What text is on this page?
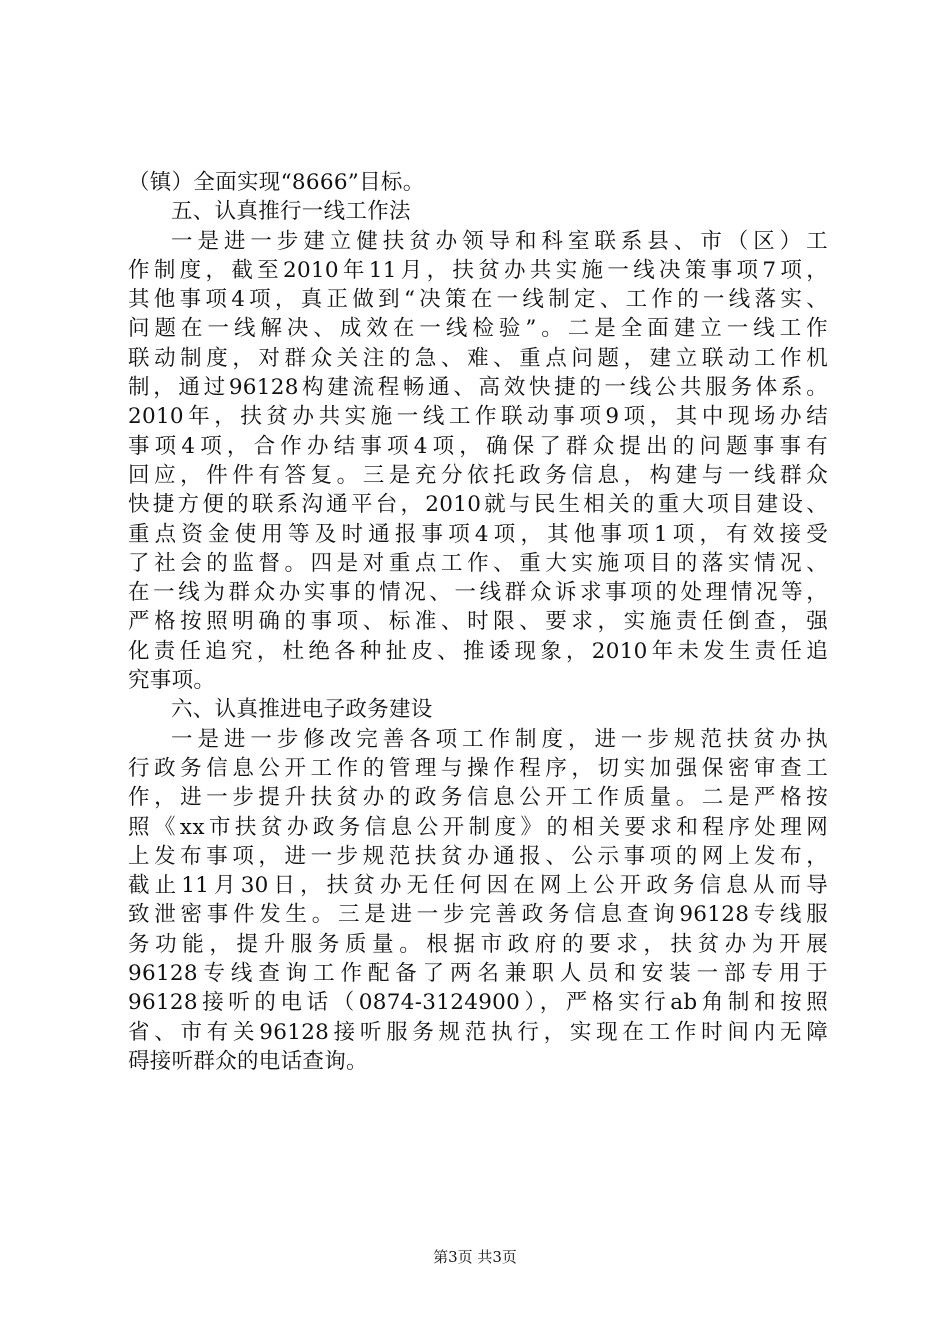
（镇）全面实现“8666”目标。
五、认真推行一线工作法
一是进一步建立健扶贫办领导和科室联系县、市（区）工
作制度，截至2010年11月，扶贫办共实施一线决策事项7项，
其他事项4项，真正做到“决策在一线制定、工作的一线落实、
问题在一线解决、成效在一线检验”。二是全面建立一线工作
联动制度，对群众关注的急、难、重点问题，建立联动工作机
制，通过96128构建流程畅通、高效快捷的一线公共服务体系。
2010年，扶贫办共实施一线工作联动事项9项，其中现场办结
事项4项，合作办结事项4项，确保了群众提出的问题事事有
回应，件件有答复。三是充分依托政务信息，构建与一线群众
快捷方便的联系沟通平台，2010就与民生相关的重大项目建设、
重点资金使用等及时通报事项4项，其他事项1项，有效接受
了社会的监督。四是对重点工作、重大实施项目的落实情况、
在一线为群众办实事的情况、一线群众诉求事项的处理情况等，
严格按照明确的事项、标准、时限、要求，实施责任倒查，强
化责任追究，杜绝各种扯皮、推诿现象，2010年未发生责任追
究事项。
六、认真推进电子政务建设
一是进一步修改完善各项工作制度，进一步规范扶贫办执
行政务信息公开工作的管理与操作程序，切实加强保密审查工
作，进一步提升扶贫办的政务信息公开工作质量。二是严格按
照《xx市扶贫办政务信息公开制度》的相关要求和程序处理网
上发布事项，进一步规范扶贫办通报、公示事项的网上发布，
截止11月30日，扶贫办无任何因在网上公开政务信息从而导
致泄密事件发生。三是进一步完善政务信息查询96128专线服
务功能，提升服务质量。根据市政府的要求，扶贫办为开展
96128专线查询工作配备了两名兼职人员和安装一部专用于
96128接听的电话（0874-3124900），严格实行ab角制和按照
省、市有关96128接听服务规范执行，实现在工作时间内无障
碍接听群众的电话查询。
第3页 共3页
